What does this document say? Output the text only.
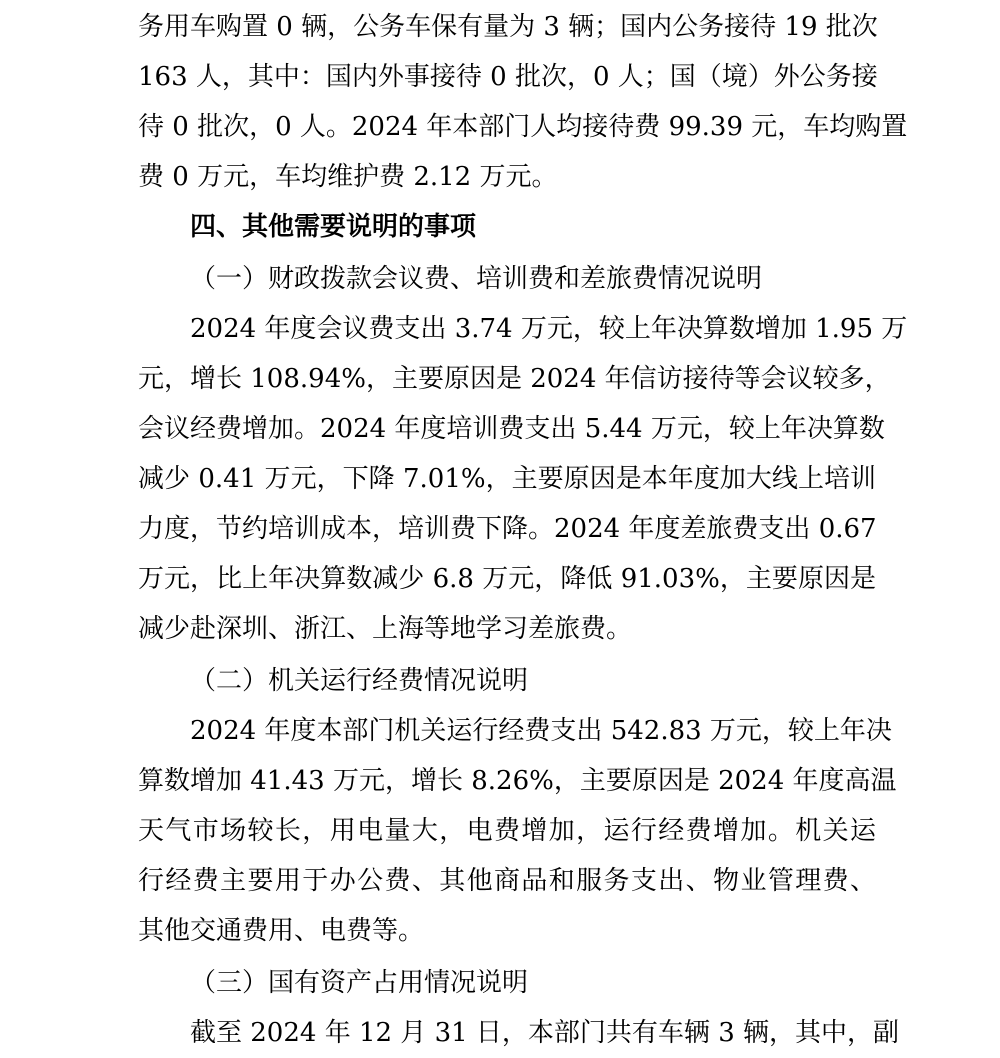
务用车购置 0 辆，公务车保有量为 3 辆；国内公务接待 19 批次
163 人，其中：国内外事接待 0 批次，0 人；国（境）外公务接
待 0 批次，0 人。2024 年本部门人均接待费 99.39 元，车均购置
费 0 万元，车均维护费 2.12 万元。
四、其他需要说明的事项
（一）财政拨款会议费、培训费和差旅费情况说明
2024 年度会议费支出 3.74 万元，较上年决算数增加 1.95 万
元，增长 108.94%，主要原因是 2024 年信访接待等会议较多，
会议经费增加。2024 年度培训费支出 5.44 万元，较上年决算数
减少 0.41 万元，下降 7.01%，主要原因是本年度加大线上培训
力度，节约培训成本，培训费下降。2024 年度差旅费支出 0.67
万元，比上年决算数减少 6.8 万元，降低 91.03%，主要原因是
减少赴深圳、浙江、上海等地学习差旅费。
（二）机关运行经费情况说明
2024 年度本部门机关运行经费支出 542.83 万元，较上年决
算数增加 41.43 万元，增长 8.26%，主要原因是 2024 年度高温
天气市场较长，用电量大，电费增加，运行经费增加。机关运
行经费主要用于办公费、其他商品和服务支出、物业管理费、
其他交通费用、电费等。
（三）国有资产占用情况说明
截至 2024 年 12 月 31 日，本部门共有车辆 3 辆，其中，副
